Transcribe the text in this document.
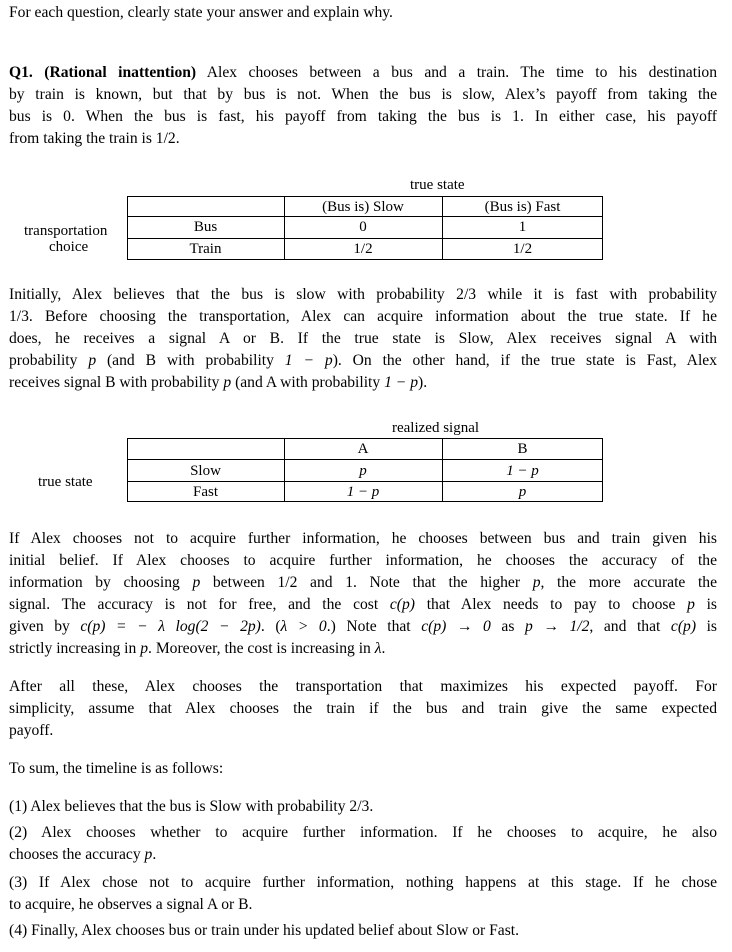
For each question, clearly state your answer and explain why.
Q1. (Rational inattention) Alex chooses between a bus and a train. The time to his destination
by train is known, but that by bus is not. When the bus is slow, Alex’s payoff from taking the
bus is 0. When the bus is fast, his payoff from taking the bus is 1. In either case, his payoff
from taking the train is 1/2.
true state
(Bus is) Slow	(Bus is) Fast
transportation
choice
Bus	0	1
Train	1/2	1/2
Initially, Alex believes that the bus is slow with probability 2/3 while it is fast with probability
1/3. Before choosing the transportation, Alex can acquire information about the true state. If he
does, he receives a signal A or B. If the true state is Slow, Alex receives signal A with
probability p (and B with probability 1 − p). On the other hand, if the true state is Fast, Alex
receives signal B with probability p (and A with probability 1 − p).
realized signal
A	B
true state
Slow	p	1 − p
Fast	1 − p	p
If Alex chooses not to acquire further information, he chooses between bus and train given his
initial belief. If Alex chooses to acquire further information, he chooses the accuracy of the
information by choosing p between 1/2 and 1. Note that the higher p, the more accurate the
signal. The accuracy is not for free, and the cost c(p) that Alex needs to pay to choose p is
given by c(p) = − λ log(2 − 2p). (λ > 0.) Note that c(p) → 0 as p → 1/2, and that c(p) is
strictly increasing in p. Moreover, the cost is increasing in λ.
After all these, Alex chooses the transportation that maximizes his expected payoff. For
simplicity, assume that Alex chooses the train if the bus and train give the same expected
payoff.
To sum, the timeline is as follows:
(1) Alex believes that the bus is Slow with probability 2/3.
(2) Alex chooses whether to acquire further information. If he chooses to acquire, he also
chooses the accuracy p.
(3) If Alex chose not to acquire further information, nothing happens at this stage. If he chose
to acquire, he observes a signal A or B.
(4) Finally, Alex chooses bus or train under his updated belief about Slow or Fast.
